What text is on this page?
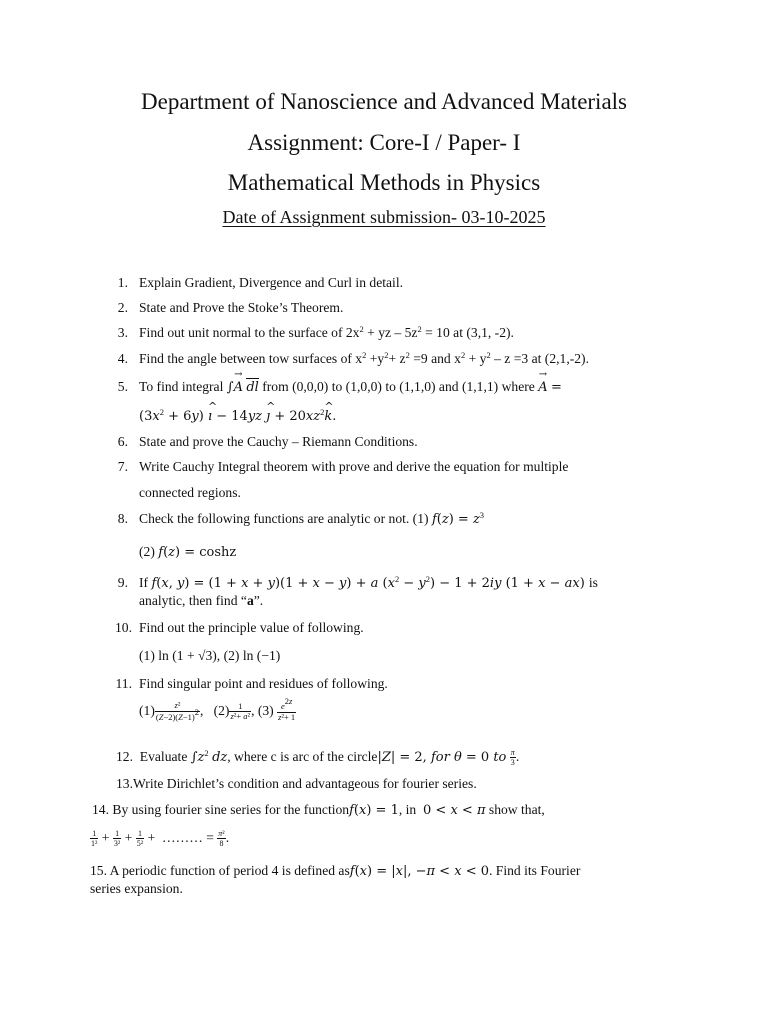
Department of Nanoscience and Advanced Materials
Assignment: Core-I / Paper- I
Mathematical Methods in Physics
Date of Assignment submission- 03-10-2025
1. Explain Gradient, Divergence and Curl in detail.
2. State and Prove the Stoke’s Theorem.
3. Find out unit normal to the surface of $2x^2$ + yz – $5z^2 = 10$ at (3,1, -2).
4. Find the angle between tow surfaces of $x^2 +y^2+ z^2 =9$ and $x^2 + y^2 - z =3$ at (2,1,-2).
5. To find integral ∫→ A dl from (0,0,0) to (1,0,0) to (1,1,0) and (1,1,1) where → A =
$(3x^2 + 6y)$ ^ ı − 14yz ^ ȷ + $20xz^2\^{}$ k.
6. State and prove the Cauchy – Riemann Conditions.
7. Write Cauchy Integral theorem with prove and derive the equation for multiple
connected regions.
8. Check the following functions are analytic or not. (1) $f(z) = z^3$
(2) f(z) = coshz
9. If f(x, y) = (1 + x + y)(1 + x − y) + a $(x^2 - y^2) - 1 + 2iy$ (1 + x − ax) is
analytic, then find “a”.
10. Find out the principle value of following.
(1) ln (1 + √3), (2) ln (−1)
11. Find singular point and residues of following.
$(1) \frac{\text{z²}}{(Z-2)(Z-1)^2}$ ,   $(2) \frac{1}{\text{z²+ a²}}$ , $(3) \frac{e^{2z}}{\text{z²+ 1}}$
12. Evaluate $\int z^2$ dz, where c is arc of the circle|Z| = 2, for θ = 0 to $\frac{\pi}{3}$ .
13.Write Dirichlet’s condition and advantageous for fourier series.
14. By using fourier sine series for the functionf(x) = 1, in 0 < x < π show that,
$\frac{1}{\text{1²}} + \frac{1}{\text{3²}} + \frac{1}{\text{5²}}$ +  ……… = $\frac{\text{π²}}{8}$ .
15. A periodic function of period 4 is defined asf(x) = |x|, −π < x < 0. Find its Fourier
series expansion.
